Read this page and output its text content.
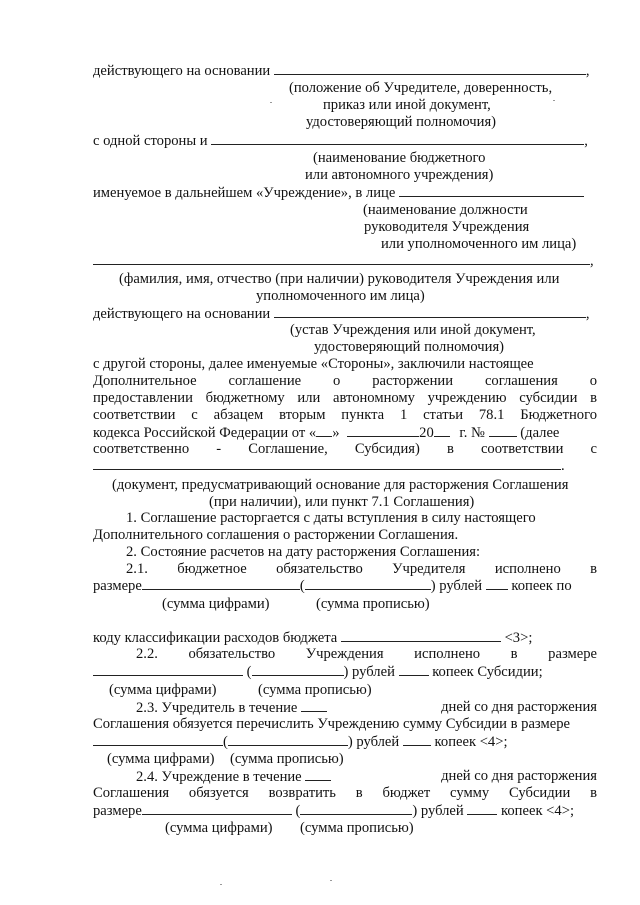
действующего на основании	,
(положение об Учредителе, доверенность,
приказ или иной документ,
удостоверяющий полномочия)
с одной стороны и	,
(наименование бюджетного
или автономного учреждения)
именуемое в дальнейшем «Учреждение», в лице
(наименование должности
руководителя Учреждения
или уполномоченного им лица)
,
(фамилия, имя, отчество (при наличии) руководителя Учреждения или
уполномоченного им лица)
действующего на основании	,
(устав Учреждения или иной документ,
удостоверяющий полномочия)
с другой стороны, далее именуемые «Стороны», заключили настоящее
Дополнительное соглашение о расторжении соглашения о
предоставлении бюджетному или автономному учреждению субсидии в
соответствии с абзацем вторым пункта 1 статьи 78.1 Бюджетного
кодекса Российской Федерации от « »	20 г. № (далее
соответственно - Соглашение, Субсидия) в соответствии с
.
(документ, предусматривающий основание для расторжения Соглашения
(при наличии), или пункт 7.1 Соглашения)
1. Соглашение расторгается с даты вступления в силу настоящего
Дополнительного соглашения о расторжении Соглашения.
2. Состояние расчетов на дату расторжения Соглашения:
2.1. бюджетное обязательство Учредителя исполнено в
размере	(	) рублей копеек по
(сумма цифрами)	(сумма прописью)
коду классификации расходов бюджета	<3>;
2.2. обязательство Учреждения исполнено в размере
(	) рублей	копеек Субсидии;
(сумма цифрами)	(сумма прописью)
2.3. Учредитель в течение	дней со дня расторжения
Соглашения обязуется перечислить Учреждению сумму Субсидии в размере
(	) рублей копеек <4>;
(сумма цифрами) (сумма прописью)
2.4. Учреждение в течение	дней со дня расторжения
Соглашения обязуется возвратить в бюджет сумму Субсидии в
размере	(	) рублей	копеек <4>;
(сумма цифрами) (сумма прописью)
